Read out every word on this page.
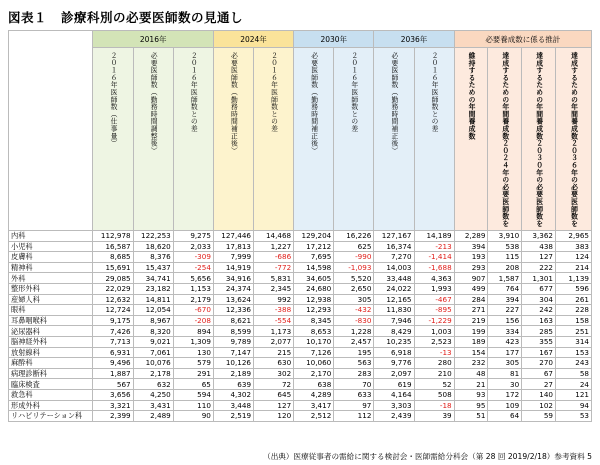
図表１ 診療科別の必要医師数の見通し
	2016年			2024年		2030年		2036年		必要養成数に係る推計			
	２０１６年医師数（仕事量）	必要医師数（勤務時間調整後）	２０１６年医師数との差	必要医師数（勤務時間補正後）	２０１６年医師数との差	必要医師数（勤務時間補正後）	２０１６年医師数との差	必要医師数（勤務時間補正後）	２０１６年医師数との差	維持するための年間養成数	達成するための年間養成数２０２４年の必要医師数を	達成するための年間養成数２０３０年の必要医師数を	達成するための年間養成数２０３６年の必要医師数を
内科	112,978	122,253	9,275	127,446	14,468	129,204	16,226	127,167	14,189	2,289	3,910	3,362	2,965
小児科	16,587	18,620	2,033	17,813	1,227	17,212	625	16,374	-213	394	538	438	383
皮膚科	8,685	8,376	-309	7,999	-686	7,695	-990	7,270	-1,414	193	115	127	124
精神科	15,691	15,437	-254	14,919	-772	14,598	-1,093	14,003	-1,688	293	208	222	214
外科	29,085	34,741	5,656	34,916	5,831	34,605	5,520	33,448	4,363	907	1,587	1,301	1,139
整形外科	22,029	23,182	1,153	24,374	2,345	24,680	2,650	24,022	1,993	499	764	677	596
産婦人科	12,632	14,811	2,179	13,624	992	12,938	305	12,165	-467	284	394	304	261
眼科	12,724	12,054	-670	12,336	-388	12,293	-432	11,830	-895	271	227	242	228
耳鼻咽喉科	9,175	8,967	-208	8,621	-554	8,345	-830	7,946	-1,229	219	156	163	158
泌尿器科	7,426	8,320	894	8,599	1,173	8,653	1,228	8,429	1,003	199	334	285	251
脳神経外科	7,713	9,021	1,309	9,789	2,077	10,170	2,457	10,235	2,523	189	423	355	314
放射線科	6,931	7,061	130	7,147	215	7,126	195	6,918	-13	154	177	167	153
麻酔科	9,496	10,076	579	10,126	630	10,060	563	9,776	280	232	305	270	243
病理診断科	1,887	2,178	291	2,189	302	2,170	283	2,097	210	48	81	67	58
臨床検査	567	632	65	639	72	638	70	619	52	21	30	27	24
救急科	3,656	4,250	594	4,302	645	4,289	633	4,164	508	93	172	140	121
形成外科	3,321	3,431	110	3,448	127	3,417	97	3,303	-18	95	109	102	94
リハビリテーション科	2,399	2,489	90	2,519	120	2,512	112	2,439	39	51	64	59	53
（出典）医療従事者の需給に関する検討会・医師需給分科会（第 28 回 2019/2/18）参考資料 5
